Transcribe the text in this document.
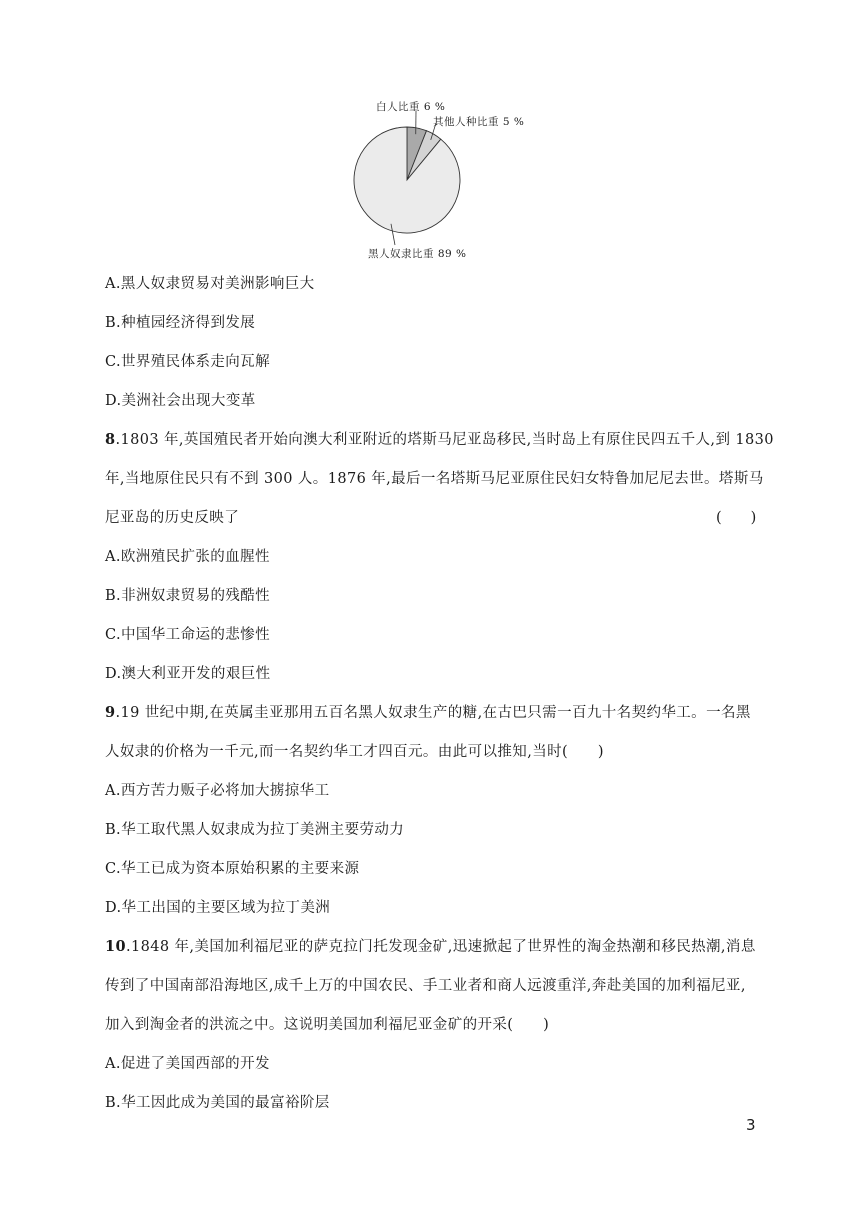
白人比重 6 %
其他人种比重 5 %
黑人奴隶比重 89 %
A.黑人奴隶贸易对美洲影响巨大
B.种植园经济得到发展
C.世界殖民体系走向瓦解
D.美洲社会出现大变革
8.1803 年,英国殖民者开始向澳大利亚附近的塔斯马尼亚岛移民,当时岛上有原住民四五千人,到 1830
年,当地原住民只有不到 300 人。1876 年,最后一名塔斯马尼亚原住民妇女特鲁加尼尼去世。塔斯马
尼亚岛的历史反映了	(　　)
A.欧洲殖民扩张的血腥性
B.非洲奴隶贸易的残酷性
C.中国华工命运的悲惨性
D.澳大利亚开发的艰巨性
9.19 世纪中期,在英属圭亚那用五百名黑人奴隶生产的糖,在古巴只需一百九十名契约华工。一名黑
人奴隶的价格为一千元,而一名契约华工才四百元。由此可以推知,当时(　　)
A.西方苦力贩子必将加大掳掠华工
B.华工取代黑人奴隶成为拉丁美洲主要劳动力
C.华工已成为资本原始积累的主要来源
D.华工出国的主要区域为拉丁美洲
10.1848 年,美国加利福尼亚的萨克拉门托发现金矿,迅速掀起了世界性的淘金热潮和移民热潮,消息
传到了中国南部沿海地区,成千上万的中国农民、手工业者和商人远渡重洋,奔赴美国的加利福尼亚,
加入到淘金者的洪流之中。这说明美国加利福尼亚金矿的开采(　　)
A.促进了美国西部的开发
B.华工因此成为美国的最富裕阶层
3
